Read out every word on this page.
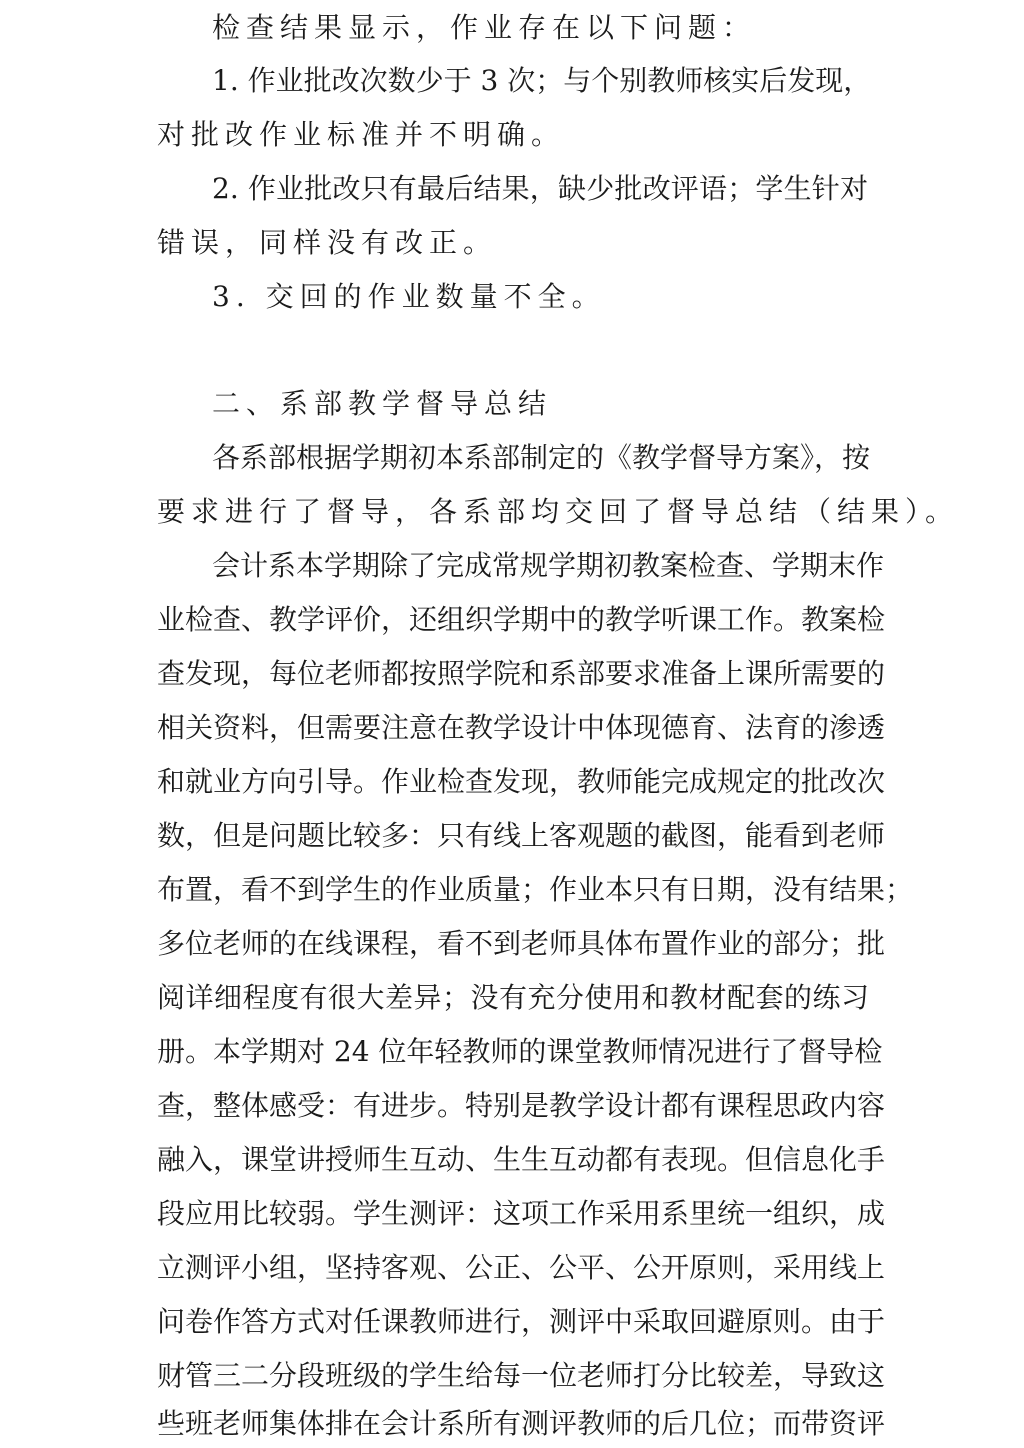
检查结果显示，作业存在以下问题：
1. 作业批改次数少于 3 次；与个别教师核实后发现，
对批改作业标准并不明确。
2. 作业批改只有最后结果，缺少批改评语；学生针对
错误，同样没有改正。
3. 交回的作业数量不全。
二、系部教学督导总结
各系部根据学期初本系部制定的《教学督导方案》，按
要求进行了督导，各系部均交回了督导总结（结果）。
会计系本学期除了完成常规学期初教案检查、学期末作
业检查、教学评价，还组织学期中的教学听课工作。教案检
查发现，每位老师都按照学院和系部要求准备上课所需要的
相关资料，但需要注意在教学设计中体现德育、法育的渗透
和就业方向引导。作业检查发现，教师能完成规定的批改次
数，但是问题比较多：只有线上客观题的截图，能看到老师
布置，看不到学生的作业质量；作业本只有日期，没有结果；
多位老师的在线课程，看不到老师具体布置作业的部分；批
阅详细程度有很大差异；没有充分使用和教材配套的练习
册。本学期对 24 位年轻教师的课堂教师情况进行了督导检
查，整体感受：有进步。特别是教学设计都有课程思政内容
融入，课堂讲授师生互动、生生互动都有表现。但信息化手
段应用比较弱。学生测评：这项工作采用系里统一组织，成
立测评小组，坚持客观、公正、公平、公开原则，采用线上
问卷作答方式对任课教师进行，测评中采取回避原则。由于
财管三二分段班级的学生给每一位老师打分比较差，导致这
些班老师集体排在会计系所有测评教师的后几位；而带资评
